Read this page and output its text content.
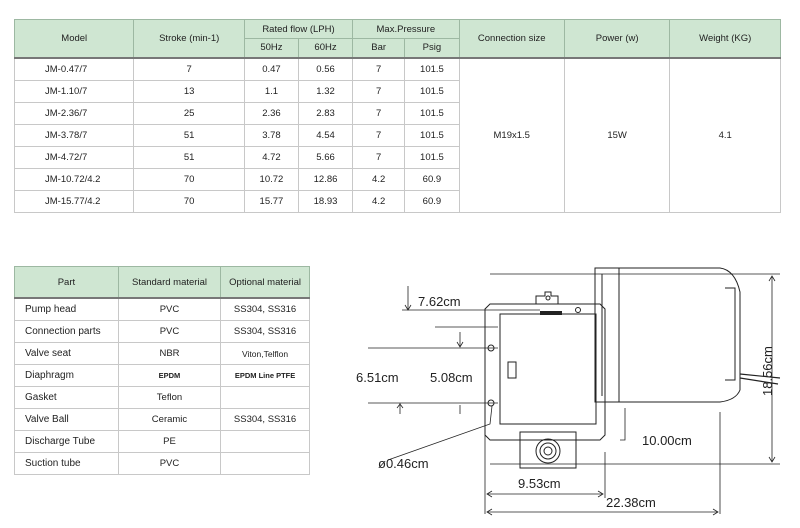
Model	Stroke (min-1)	Rated flow (LPH)		Max.Pressure		Connection size	Power (w)	Weight (KG)
		50Hz	60Hz	Bar	Psig			
JM-0.47/7	7	0.47	0.56	7	101.5	M19x1.5	15W	4.1
JM-1.10/7	13	1.1	1.32	7	101.5			
JM-2.36/7	25	2.36	2.83	7	101.5			
JM-3.78/7	51	3.78	4.54	7	101.5			
JM-4.72/7	51	4.72	5.66	7	101.5			
JM-10.72/4.2	70	10.72	12.86	4.2	60.9			
JM-15.77/4.2	70	15.77	18.93	4.2	60.9			
Part	Standard material	Optional material
Pump head	PVC	SS304, SS316
Connection parts	PVC	SS304, SS316
Valve seat	NBR	Viton,Telflon
Diaphragm	EPDM	EPDM Line PTFE
Gasket	Teflon	
Valve Ball	Ceramic	SS304, SS316
Discharge Tube	PE	
Suction tube	PVC	
7.62cm
6.51cm 5.08cm
ø0.46cm
9.53cm
22.38cm
10.00cm
18.56cm
